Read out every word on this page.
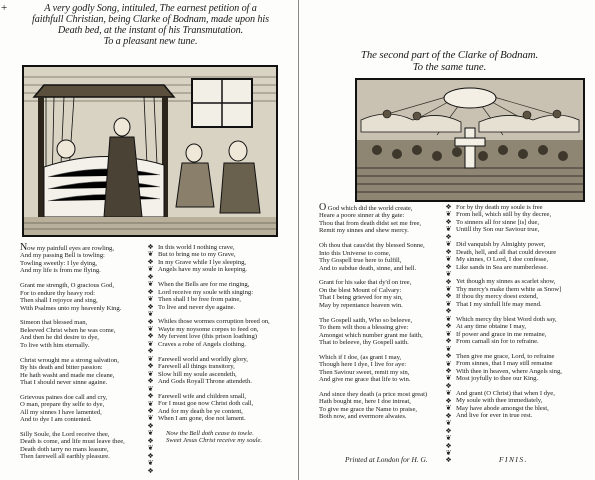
+	A very godly Song, intituled, The earnest petition of a
faithfull Christian, being Clarke of Bodnam, made upon his
Death bed, at the instant of his Transmutation.
To a pleasant new tune.
Now my painfull eyes are rowling,
And my passing Bell is towling:
Towling sweetly: I lye dying,
And my life is from me flying.
Grant me strength, O gracious God,
For to endure thy heavy rod:
Then shall I rejoyce and sing,
With Psalmes unto my heavenly King.
Simeon that blessed man,
Beleeved Christ when he was come,
And then he did desire to dye,
To live with him eternally.
Christ wrought me a strong salvation,
By his death and bitter passion:
He hath washt and made me cleane,
That I should never sinne againe.
Grievous paines doe call and cry,
O man, prepare thy selfe to dye,
All my sinnes I have lamented,
And to dye I am contented.
Silly Soule, the Lord receive thee,
Death is come, and life must leave thee,
Death doth tarry no mans leasure,
Then farewell all earthly pleasure.
❖
❦
❖
❦
❖
❦
❖
❦
❖
❦
❖
❦
❖
❦
❖
❦
❖
❦
❖
❦
❖
❦
❖
❦
❖
❦
❖
❦
❖
❦
❖
In this world I nothing crave,
But to bring me to my Grave,
In my Grave while I lye sleeping,
Angels have my soule in keeping.
When the Bells are for me ringing,
Lord receive my soule with singing:
Then shall I be free from paine,
To live and never dye againe.
Whiles those wormes corruption breed on,
Wayte my noysome corpes to feed on,
My fervent love (this prison loathing)
Craves a robe of Angels clothing.
Farewell world and worldly glory,
Farewell all things transitory,
Slow hill my soule ascendeth,
And Gods Royall Throne attendeth.
Farewell wife and children small,
For I must goe now Christ doth call,
And for my death be ye content,
When I am gone, doe not lament.
Now the Bell doth cease to towle.
Sweet Jesus Christ receive my soule.
The second part of the Clarke of Bodnam.
To the same tune.
O God which did the world create,
Heare a poore sinner at thy gate:
Thou that from death didst set me free,
Remit my sinnes and shew mercy.
Oh thou that caus'dst thy blessed Sonne,
Into this Universe to come,
Thy Gospell true here to fulfill,
And to subdue death, sinne, and hell.
Grant for his sake that dy'd on tree,
On the blest Mount of Calvary:
That I being grieved for my sin,
May by repentance heaven win.
The Gospell saith, Who so beleeve,
To them wilt thou a blessing give:
Amongst which number grant me faith,
That to beleeve, thy Gospell saith.
Which if I doe, (as grant I may,
Though here I dye, I live for aye:
Then Saviour sweet, remit my sin,
And give me grace that life to win.
And since they death (a price most great)
Hath bought me, here I doe intreat,
To give me grace the Name to praise,
Both now, and evermore alwaies.
❖
❦
❖
❦
❖
❦
❖
❦
❖
❦
❖
❦
❖
❦
❖
❦
❖
❦
❖
❦
❖
❦
❖
❦
❖
❦
❖
❦
❖
❦
❖
❦
❖
❦
❖
For by thy death my soule is free
From hell, which still by thy decree,
To sinners all for sinne [is] due,
Untill thy Son our Saviour true,
Did vanquish by Almighty power,
Death, hell, and all that could devoure
My sinnes, O Lord, I doe confesse,
Like sands in Sea are numberlesse.
Yet though my sinnes as scarlet show,
Thy mercy's make them white as Snow]
If thou thy mercy doest extend,
That I my sinfull life may mend.
Which mercy thy blest Word doth say,
At any time obtaine I may,
If power and grace in me remaine,
From carnall sin for to refraine.
Then give me grace, Lord, to refraine
From sinnes, that I may still remaine
With thee in heaven, where Angels sing,
Most joyfully to thee our King.
And grant (O Christ) that when I dye,
My soule with thee immediately,
May have abode amongst the blest,
And live for ever in true rest.
Printed at London for H. G.	FINIS.
